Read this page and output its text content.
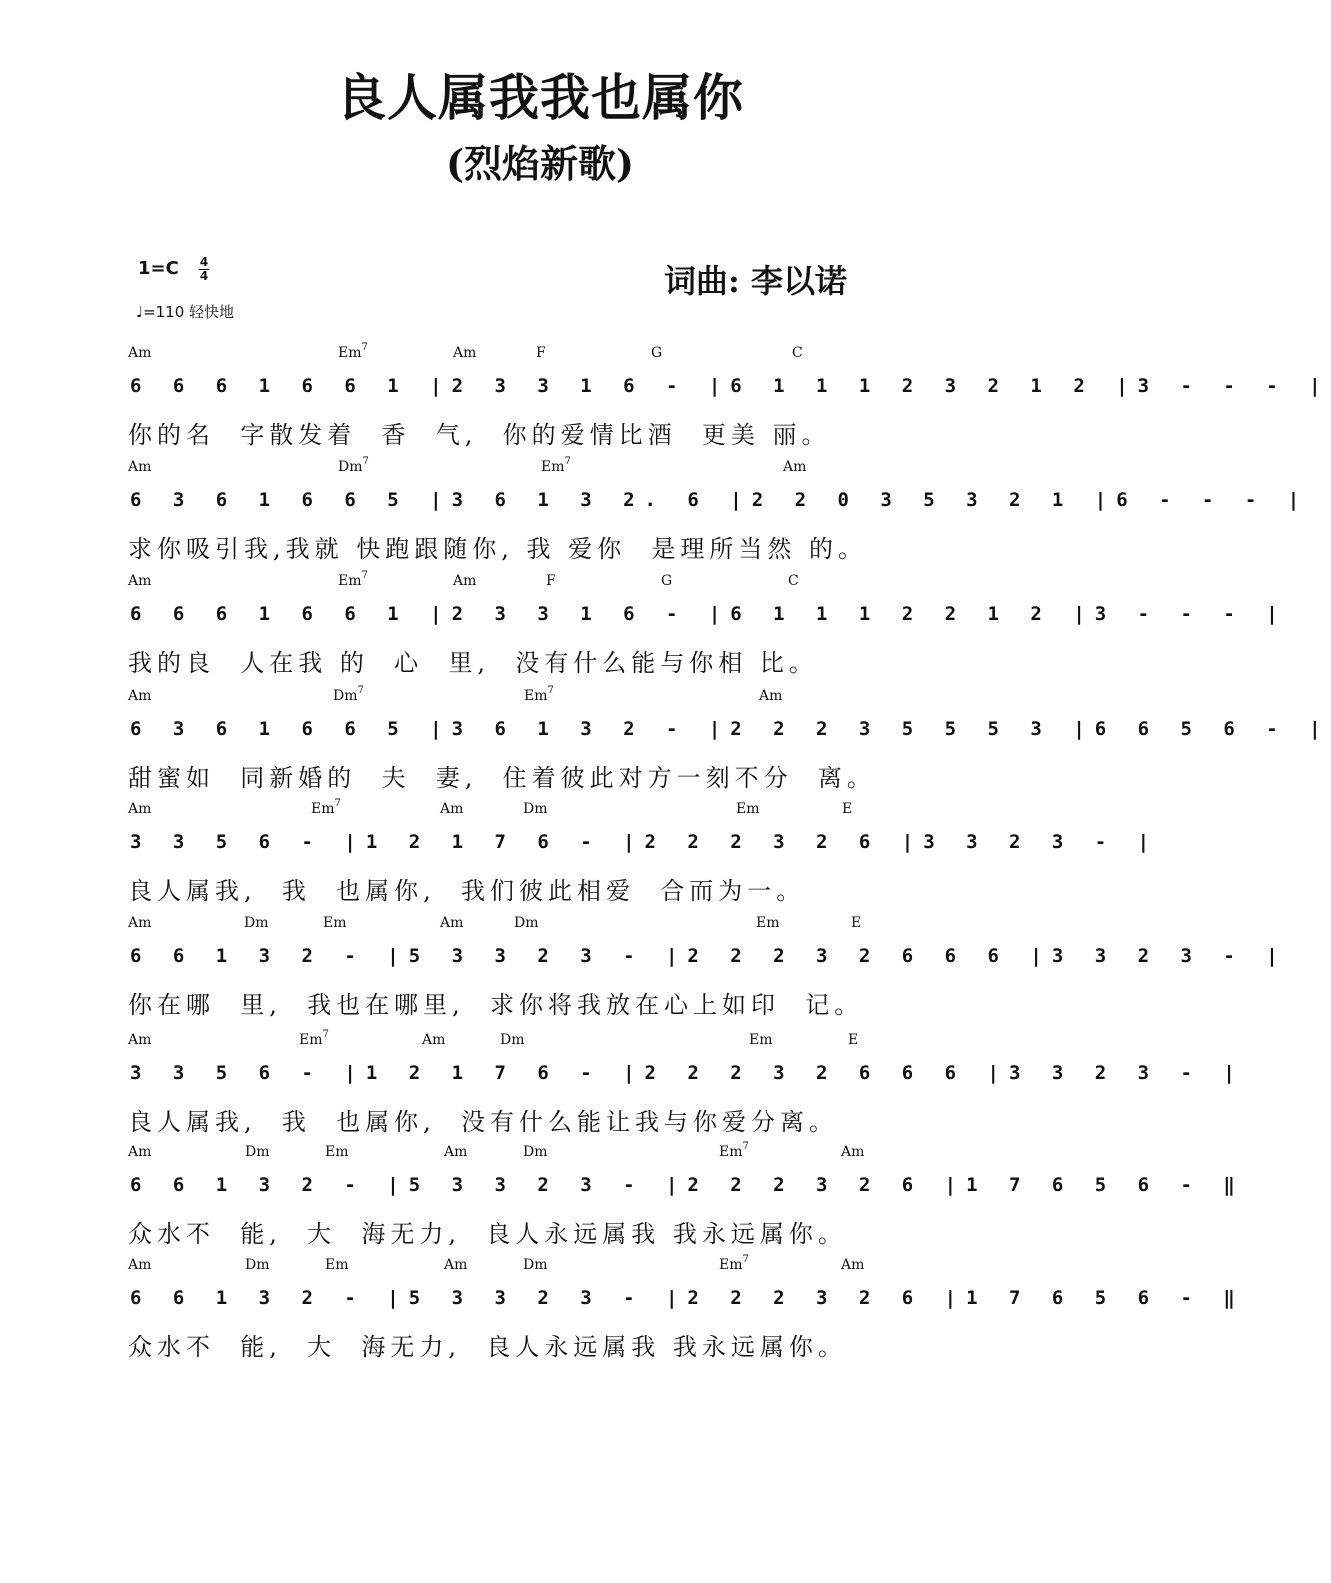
良人属我我也属你
(烈焰新歌)
$1=C \frac{4}{4}$
♩=110 轻快地
词曲: 李以诺
Am	Em$^7$	Am	F	G	C
6 6 6 1 6 6 1 |2 3 3 1 6 - |6 1 1 1 2 3 2 1 2 |3 - - - |
你的名  字散发着  香  气,  你的爱情比酒  更美 丽。
Am	Dm$^7$	Em$^7$	Am
6 3 6 1 6 6 5 |3 6 1 3 2. 6 |2 2 0 3 5 3 2 1 |6 - - - |
求你吸引我,我就 快跑跟随你, 我 爱你  是理所当然 的。
Am	Em$^7$	Am	F	G	C
6 6 6 1 6 6 1 |2 3 3 1 6 - |6 1 1 1 2 2 1 2 |3 - - - |
我的良  人在我 的  心  里,  没有什么能与你相 比。
Am	Dm$^7$	Em$^7$	Am
6 3 6 1 6 6 5 |3 6 1 3 2 - |2 2 2 3 5 5 5 3 |6 6 5 6 - |
甜蜜如  同新婚的  夫  妻,  住着彼此对方一刻不分  离。
Am	Em$^7$	Am	Dm	Em	E
3 3 5 6 - |1 2 1 7 6 - |2 2 2 3 2 6 |3 3 2 3 - |
良人属我,  我  也属你,  我们彼此相爱  合而为一。
Am	Dm	Em	Am	Dm	Em	E
6 6 1 3 2 - |5 3 3 2 3 - |2 2 2 3 2 6 6 6 |3 3 2 3 - |
你在哪  里,  我也在哪里,  求你将我放在心上如印  记。
Am	Em$^7$	Am	Dm	Em	E
3 3 5 6 - |1 2 1 7 6 - |2 2 2 3 2 6 6 6 |3 3 2 3 - |
良人属我,  我  也属你,  没有什么能让我与你爱分离。
Am	Dm	Em	Am	Dm	Em$^7$	Am
6 6 1 3 2 - |5 3 3 2 3 - |2 2 2 3 2 6 |1 7 6 5 6 - ‖
众水不  能,  大  海无力,  良人永远属我 我永远属你。
Am	Dm	Em	Am	Dm	Em$^7$	Am
6 6 1 3 2 - |5 3 3 2 3 - |2 2 2 3 2 6 |1 7 6 5 6 - ‖
众水不  能,  大  海无力,  良人永远属我 我永远属你。
